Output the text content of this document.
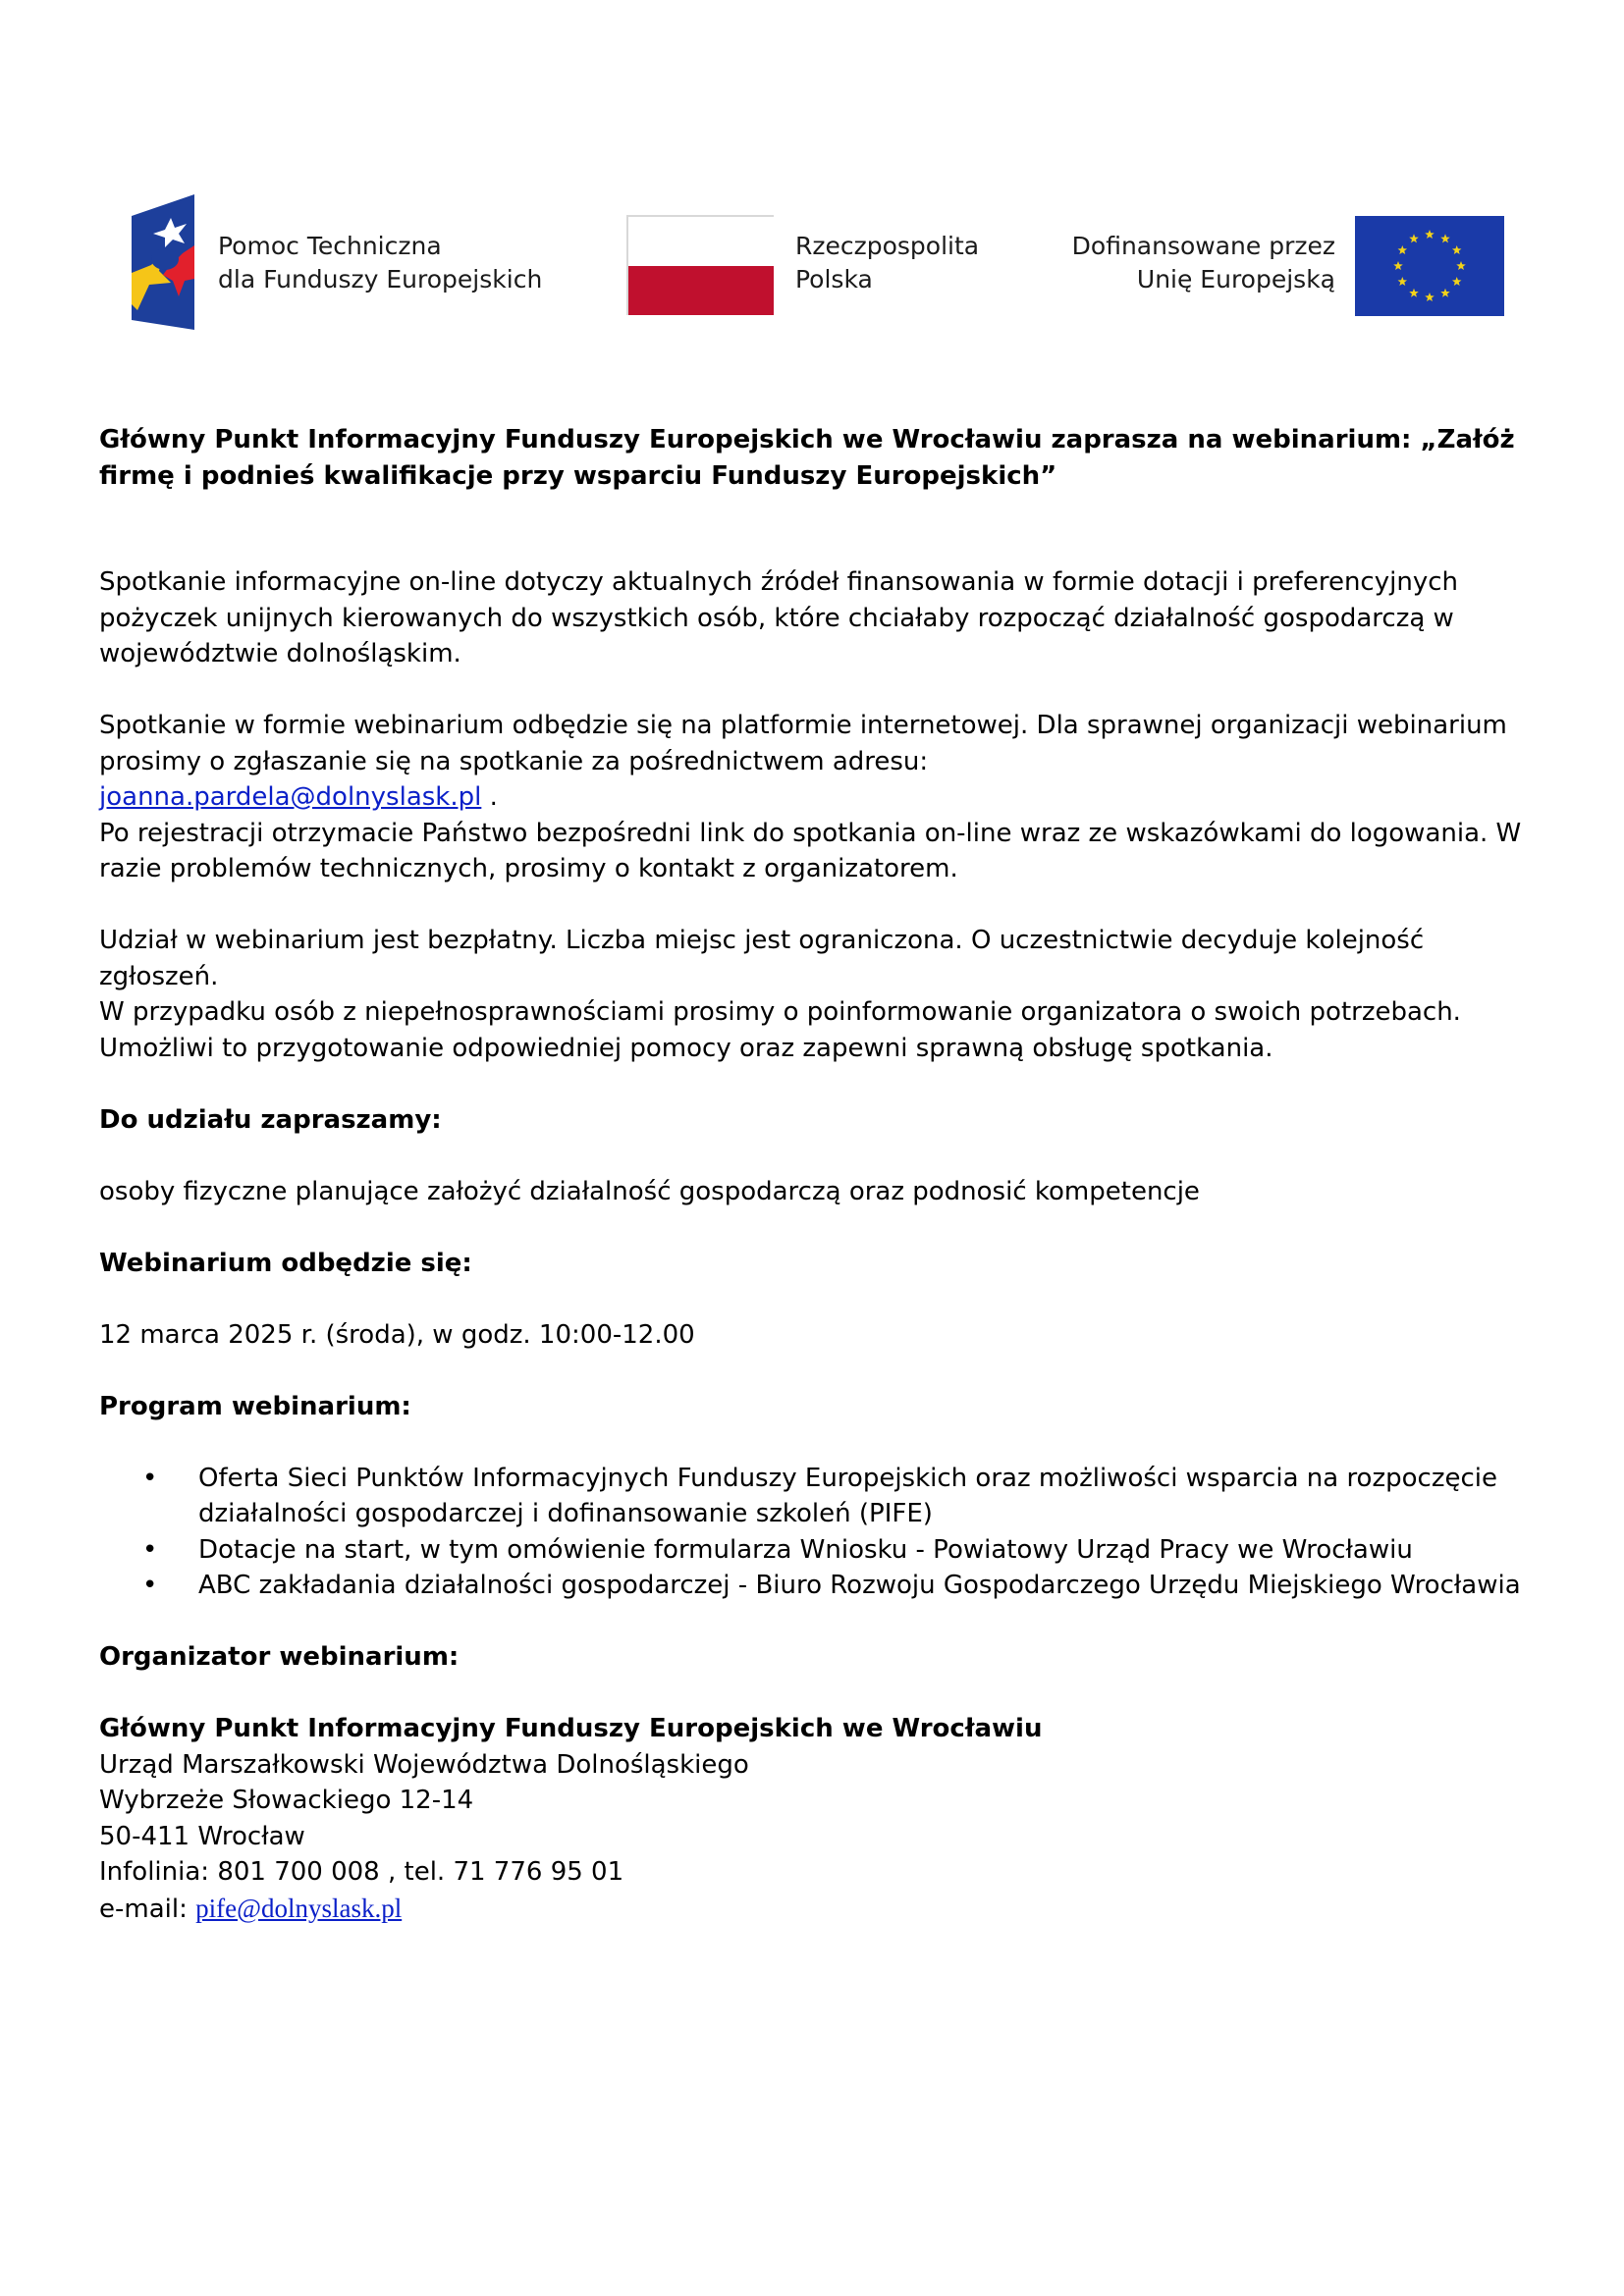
Pomoc Techniczna
dla Funduszy Europejskich
Rzeczpospolita
Polska
Dofinansowane przez
Unię Europejską
Główny Punkt Informacyjny Funduszy Europejskich we Wrocławiu zaprasza na webinarium: „Załóż firmę i podnieś kwalifikacje przy wsparciu Funduszy Europejskich”

Spotkanie informacyjne on-line dotyczy aktualnych źródeł finansowania w formie dotacji i preferencyjnych pożyczek unijnych kierowanych do wszystkich osób, które chciałaby rozpocząć działalność gospodarczą w województwie dolnośląskim.

Spotkanie w formie webinarium odbędzie się na platformie internetowej. Dla sprawnej organizacji webinarium prosimy o zgłaszanie się na spotkanie za pośrednictwem adresu:
joanna.pardela@dolnyslask.pl .
Po rejestracji otrzymacie Państwo bezpośredni link do spotkania on-line wraz ze wskazówkami do logowania. W razie problemów technicznych, prosimy o kontakt z organizatorem.

Udział w webinarium jest bezpłatny. Liczba miejsc jest ograniczona. O uczestnictwie decyduje kolejność zgłoszeń.
W przypadku osób z niepełnosprawnościami prosimy o poinformowanie organizatora o swoich potrzebach. Umożliwi to przygotowanie odpowiedniej pomocy oraz zapewni sprawną obsługę spotkania.

Do udziału zapraszamy:

osoby fizyczne planujące założyć działalność gospodarczą oraz podnosić kompetencje

Webinarium odbędzie się:

12 marca 2025 r. (środa), w godz. 10:00-12.00

Program webinarium:

• Oferta Sieci Punktów Informacyjnych Funduszy Europejskich oraz możliwości wsparcia na rozpoczęcie działalności gospodarczej i dofinansowanie szkoleń (PIFE)
• Dotacje na start, w tym omówienie formularza Wniosku - Powiatowy Urząd Pracy we Wrocławiu
• ABC zakładania działalności gospodarczej - Biuro Rozwoju Gospodarczego Urzędu Miejskiego Wrocławia

Organizator webinarium:

Główny Punkt Informacyjny Funduszy Europejskich we Wrocławiu
Urząd Marszałkowski Województwa Dolnośląskiego
Wybrzeże Słowackiego 12-14
50-411 Wrocław
Infolinia: 801 700 008 , tel. 71 776 95 01
e-mail: pife@dolnyslask.pl
